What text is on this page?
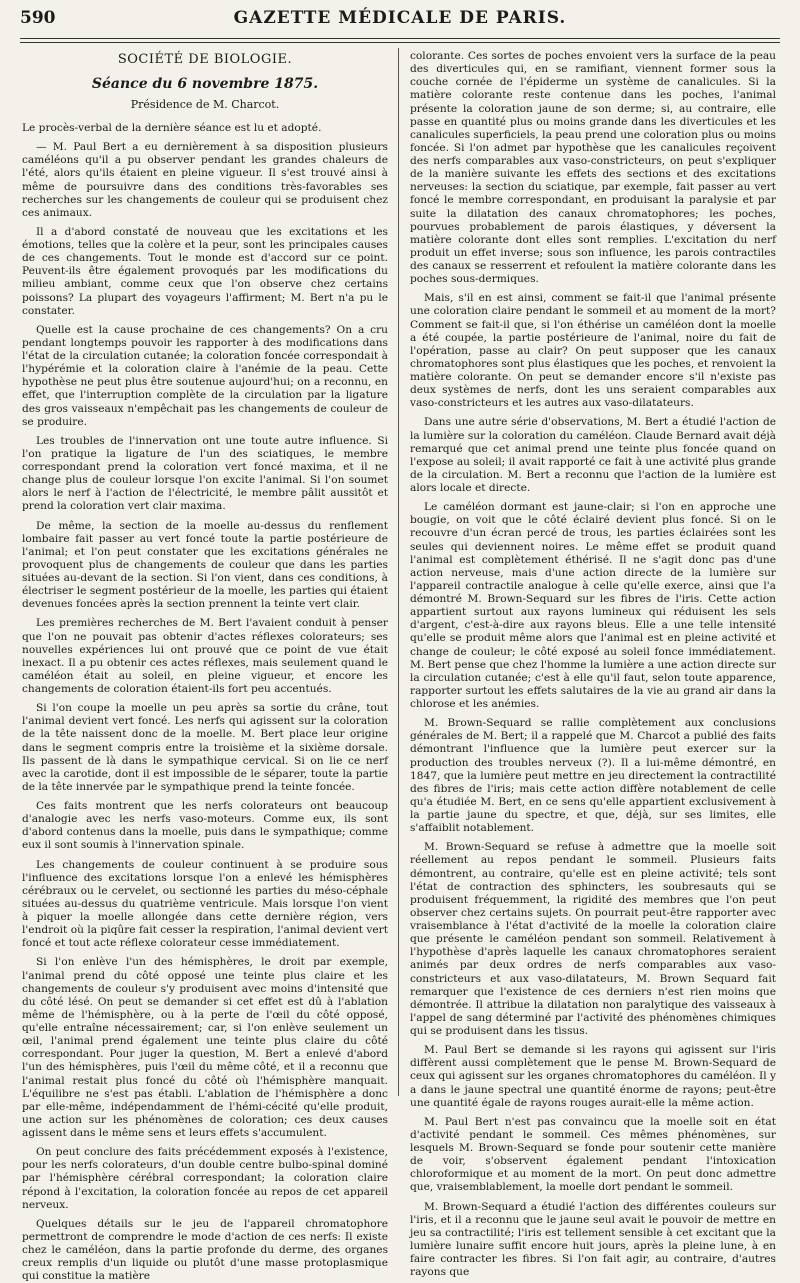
590	GAZETTE MÉDICALE DE PARIS.
SOCIÉTÉ DE BIOLOGIE.
Séance du 6 novembre 1875.
Présidence de M. Charcot.

Le procès-verbal de la dernière séance est lu et adopté.

— M. Paul Bert a eu dernièrement à sa disposition plusieurs caméléons qu'il a pu observer pendant les grandes chaleurs de l'été, alors qu'ils étaient en pleine vigueur. Il s'est trouvé ainsi à même de poursuivre dans des conditions très-favorables ses recherches sur les changements de couleur qui se produisent chez ces animaux.

Il a d'abord constaté de nouveau que les excitations et les émotions, telles que la colère et la peur, sont les principales causes de ces changements. Tout le monde est d'accord sur ce point. Peuvent-ils être également provoqués par les modifications du milieu ambiant, comme ceux que l'on observe chez certains poissons? La plupart des voyageurs l'affirment; M. Bert n'a pu le constater.

Quelle est la cause prochaine de ces changements? On a cru pendant longtemps pouvoir les rapporter à des modifications dans l'état de la circulation cutanée; la coloration foncée correspondait à l'hypérémie et la coloration claire à l'anémie de la peau. Cette hypothèse ne peut plus être soutenue aujourd'hui; on a reconnu, en effet, que l'interruption complète de la circulation par la ligature des gros vaisseaux n'empêchait pas les changements de couleur de se produire.

Les troubles de l'innervation ont une toute autre influence. Si l'on pratique la ligature de l'un des sciatiques, le membre correspondant prend la coloration vert foncé maxima, et il ne change plus de couleur lorsque l'on excite l'animal. Si l'on soumet alors le nerf à l'action de l'électricité, le membre pâlit aussitôt et prend la coloration vert clair maxima.

De même, la section de la moelle au-dessus du renflement lombaire fait passer au vert foncé toute la partie postérieure de l'animal; et l'on peut constater que les excitations générales ne provoquent plus de changements de couleur que dans les parties situées au-devant de la section. Si l'on vient, dans ces conditions, à électriser le segment postérieur de la moelle, les parties qui étaient devenues foncées après la section prennent la teinte vert clair.

Les premières recherches de M. Bert l'avaient conduit à penser que l'on ne pouvait pas obtenir d'actes réflexes colorateurs; ses nouvelles expériences lui ont prouvé que ce point de vue était inexact. Il a pu obtenir ces actes réflexes, mais seulement quand le caméléon était au soleil, en pleine vigueur, et encore les changements de coloration étaient-ils fort peu accentués.

Si l'on coupe la moelle un peu après sa sortie du crâne, tout l'animal devient vert foncé. Les nerfs qui agissent sur la coloration de la tête naissent donc de la moelle. M. Bert place leur origine dans le segment compris entre la troisième et la sixième dorsale. Ils passent de là dans le sympathique cervical. Si on lie ce nerf avec la carotide, dont il est impossible de le séparer, toute la partie de la tête innervée par le sympathique prend la teinte foncée.

Ces faits montrent que les nerfs colorateurs ont beaucoup d'analogie avec les nerfs vaso-moteurs. Comme eux, ils sont d'abord contenus dans la moelle, puis dans le sympathique; comme eux il sont soumis à l'innervation spinale.

Les changements de couleur continuent à se produire sous l'influence des excitations lorsque l'on a enlevé les hémisphères cérébraux ou le cervelet, ou sectionné les parties du méso-céphale situées au-dessus du quatrième ventricule. Mais lorsque l'on vient à piquer la moelle allongée dans cette dernière région, vers l'endroit où la piqûre fait cesser la respiration, l'animal devient vert foncé et tout acte réflexe colorateur cesse immédiatement.

Si l'on enlève l'un des hémisphères, le droit par exemple, l'animal prend du côté opposé une teinte plus claire et les changements de couleur s'y produisent avec moins d'intensité que du côté lésé. On peut se demander si cet effet est dû à l'ablation même de l'hémisphère, ou à la perte de l'œil du côté opposé, qu'elle entraîne nécessairement; car, si l'on enlève seulement un œil, l'animal prend également une teinte plus claire du côté correspondant. Pour juger la question, M. Bert a enlevé d'abord l'un des hémisphères, puis l'œil du même côté, et il a reconnu que l'animal restait plus foncé du côté où l'hémisphère manquait. L'équilibre ne s'est pas établi. L'ablation de l'hémisphère a donc par elle-même, indépendamment de l'hémi-cécité qu'elle produit, une action sur les phénomènes de coloration; ces deux causes agissent dans le même sens et leurs effets s'accumulent.

On peut conclure des faits précédemment exposés à l'existence, pour les nerfs colorateurs, d'un double centre bulbo-spinal dominé par l'hémisphère cérébral correspondant; la coloration claire répond à l'excitation, la coloration foncée au repos de cet appareil nerveux.

Quelques détails sur le jeu de l'appareil chromatophore permettront de comprendre le mode d'action de ces nerfs: Il existe chez le caméléon, dans la partie profonde du derme, des organes creux remplis d'un liquide ou plutôt d'une masse protoplasmique qui constitue la matière

colorante. Ces sortes de poches envoient vers la surface de la peau des diverticules qui, en se ramifiant, viennent former sous la couche cornée de l'épiderme un système de canalicules. Si la matière colorante reste contenue dans les poches, l'animal présente la coloration jaune de son derme; si, au contraire, elle passe en quantité plus ou moins grande dans les diverticules et les canalicules superficiels, la peau prend une coloration plus ou moins foncée. Si l'on admet par hypothèse que les canalicules reçoivent des nerfs comparables aux vaso-constricteurs, on peut s'expliquer de la manière suivante les effets des sections et des excitations nerveuses: la section du sciatique, par exemple, fait passer au vert foncé le membre correspondant, en produisant la paralysie et par suite la dilatation des canaux chromatophores; les poches, pourvues probablement de parois élastiques, y déversent la matière colorante dont elles sont remplies. L'excitation du nerf produit un effet inverse; sous son influence, les parois contractiles des canaux se resserrent et refoulent la matière colorante dans les poches sous-dermiques.

Mais, s'il en est ainsi, comment se fait-il que l'animal présente une coloration claire pendant le sommeil et au moment de la mort? Comment se fait-il que, si l'on éthérise un caméléon dont la moelle a été coupée, la partie postérieure de l'animal, noire du fait de l'opération, passe au clair? On peut supposer que les canaux chromatophores sont plus élastiques que les poches, et renvoient la matière colorante. On peut se demander encore s'il n'existe pas deux systèmes de nerfs, dont les uns seraient comparables aux vaso-constricteurs et les autres aux vaso-dilatateurs.

Dans une autre série d'observations, M. Bert a étudié l'action de la lumière sur la coloration du caméléon. Claude Bernard avait déjà remarqué que cet animal prend une teinte plus foncée quand on l'expose au soleil; il avait rapporté ce fait à une activité plus grande de la circulation. M. Bert a reconnu que l'action de la lumière est alors locale et directe.

Le caméléon dormant est jaune-clair; si l'on en approche une bougie, on voit que le côté éclairé devient plus foncé. Si on le recouvre d'un écran percé de trous, les parties éclairées sont les seules qui deviennent noires. Le même effet se produit quand l'animal est complètement éthérisé. Il ne s'agit donc pas d'une action nerveuse, mais d'une action directe de la lumière sur l'appareil contractile analogue à celle qu'elle exerce, ainsi que l'a démontré M. Brown-Sequard sur les fibres de l'iris. Cette action appartient surtout aux rayons lumineux qui réduisent les sels d'argent, c'est-à-dire aux rayons bleus. Elle a une telle intensité qu'elle se produit même alors que l'animal est en pleine activité et change de couleur; le côté exposé au soleil fonce immédiatement. M. Bert pense que chez l'homme la lumière a une action directe sur la circulation cutanée; c'est à elle qu'il faut, selon toute apparence, rapporter surtout les effets salutaires de la vie au grand air dans la chlorose et les anémies.

M. Brown-Sequard se rallie complètement aux conclusions générales de M. Bert; il a rappelé que M. Charcot a publié des faits démontrant l'influence que la lumière peut exercer sur la production des troubles nerveux (?). Il a lui-même démontré, en 1847, que la lumière peut mettre en jeu directement la contractilité des fibres de l'iris; mais cette action diffère notablement de celle qu'a étudiée M. Bert, en ce sens qu'elle appartient exclusivement à la partie jaune du spectre, et que, déjà, sur ses limites, elle s'affaiblit notablement.

M. Brown-Sequard se refuse à admettre que la moelle soit réellement au repos pendant le sommeil. Plusieurs faits démontrent, au contraire, qu'elle est en pleine activité; tels sont l'état de contraction des sphincters, les soubresauts qui se produisent fréquemment, la rigidité des membres que l'on peut observer chez certains sujets. On pourrait peut-être rapporter avec vraisemblance à l'état d'activité de la moelle la coloration claire que présente le caméléon pendant son sommeil. Relativement à l'hypothèse d'après laquelle les canaux chromatophores seraient animés par deux ordres de nerfs comparables aux vaso-constricteurs et aux vaso-dilatateurs, M. Brown Sequard fait remarquer que l'existence de ces derniers n'est rien moins que démontrée. Il attribue la dilatation non paralytique des vaisseaux à l'appel de sang déterminé par l'activité des phénomènes chimiques qui se produisent dans les tissus.

M. Paul Bert se demande si les rayons qui agissent sur l'iris diffèrent aussi complètement que le pense M. Brown-Sequard de ceux qui agissent sur les organes chromatophores du caméléon. Il y a dans le jaune spectral une quantité énorme de rayons; peut-être une quantité égale de rayons rouges aurait-elle la même action.

M. Paul Bert n'est pas convaincu que la moelle soit en état d'activité pendant le sommeil. Ces mêmes phénomènes, sur lesquels M. Brown-Sequard se fonde pour soutenir cette manière de voir, s'observent également pendant l'intoxication chloroformique et au moment de la mort. On peut donc admettre que, vraisemblablement, la moelle dort pendant le sommeil.

M. Brown-Sequard a étudié l'action des différentes couleurs sur l'iris, et il a reconnu que le jaune seul avait le pouvoir de mettre en jeu sa contractilité; l'iris est tellement sensible à cet excitant que la lumière lunaire suffit encore huit jours, après la pleine lune, à en faire contracter les fibres. Si l'on fait agir, au contraire, d'autres rayons que
